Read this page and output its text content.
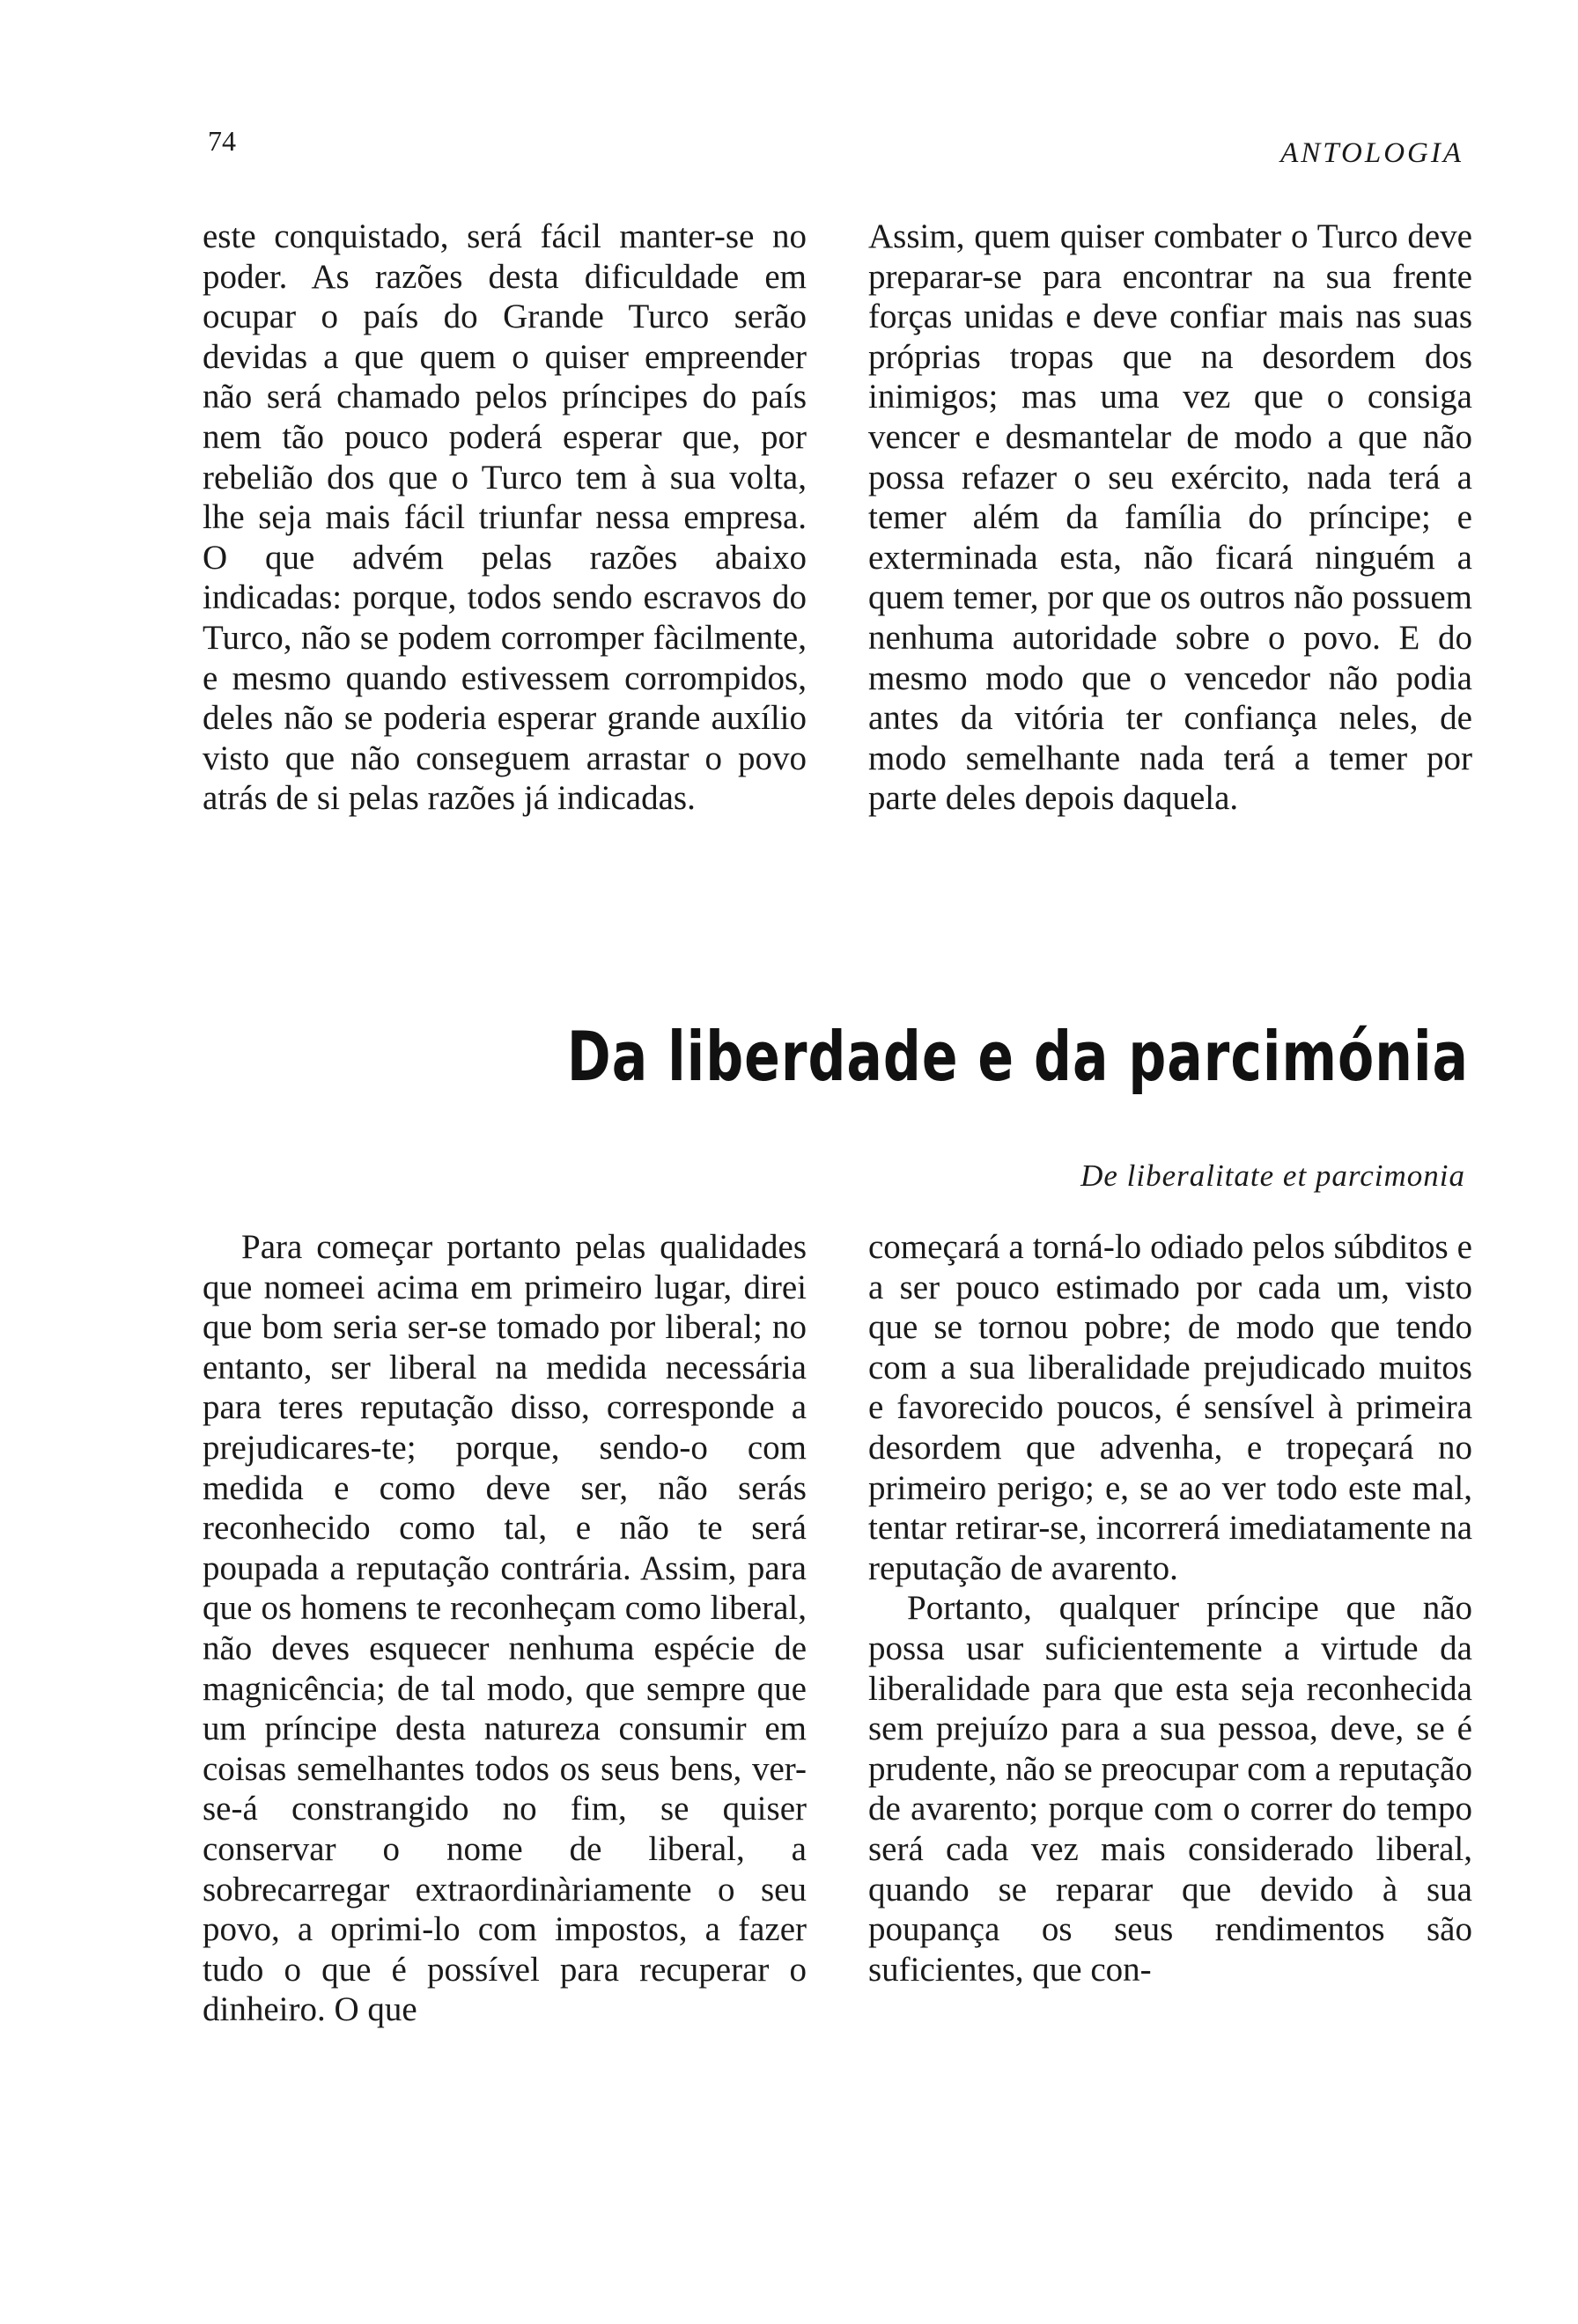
74	ANTOLOGIA

este conquistado, será fácil manter-se no poder. As razões desta dificuldade em ocupar o país do Grande Turco serão devidas a que quem o quiser empreender não será chamado pelos príncipes do país nem tão pouco poderá esperar que, por rebelião dos que o Turco tem à sua volta, lhe seja mais fácil triunfar nessa empresa. O que advém pelas razões abaixo indicadas: porque, todos sendo escravos do Turco, não se podem corromper fàcilmente, e mesmo quando estivessem corrompidos, deles não se poderia esperar grande auxílio visto que não conseguem arrastar o povo atrás de si pelas razões já indicadas.

Assim, quem quiser combater o Turco deve preparar-se para encontrar na sua frente forças unidas e deve confiar mais nas suas próprias tropas que na desordem dos inimigos; mas uma vez que o consiga vencer e desmantelar de modo a que não possa refazer o seu exército, nada terá a temer além da família do príncipe; e exterminada esta, não ficará ninguém a quem temer, por que os outros não possuem nenhuma autoridade sobre o povo. E do mesmo modo que o vencedor não podia antes da vitória ter confiança neles, de modo semelhante nada terá a temer por parte deles depois daquela.

Da liberdade e da parcimónia
De liberalitate et parcimonia

Para começar portanto pelas qualidades que nomeei acima em primeiro lugar, direi que bom seria ser-se tomado por liberal; no entanto, ser liberal na medida necessária para teres reputação disso, corresponde a prejudicares-te; porque, sendo-o com medida e como deve ser, não serás reconhecido como tal, e não te será poupada a reputação contrária. Assim, para que os homens te reconheçam como liberal, não deves esquecer nenhuma espécie de magnicência; de tal modo, que sempre que um príncipe desta natureza consumir em coisas semelhantes todos os seus bens, ver-se-á constrangido no fim, se quiser conservar o nome de liberal, a sobrecarregar extraordinàriamente o seu povo, a oprimi-lo com impostos, a fazer tudo o que é possível para recuperar o dinheiro. O que

começará a torná-lo odiado pelos súbditos e a ser pouco estimado por cada um, visto que se tornou pobre; de modo que tendo com a sua liberalidade prejudicado muitos e favorecido poucos, é sensível à primeira desordem que advenha, e tropeçará no primeiro perigo; e, se ao ver todo este mal, tentar retirar-se, incorrerá imediatamente na reputação de avarento.

Portanto, qualquer príncipe que não possa usar suficientemente a virtude da liberalidade para que esta seja reconhecida sem prejuízo para a sua pessoa, deve, se é prudente, não se preocupar com a reputação de avarento; porque com o correr do tempo será cada vez mais considerado liberal, quando se reparar que devido à sua poupança os seus rendimentos são suficientes, que con-
